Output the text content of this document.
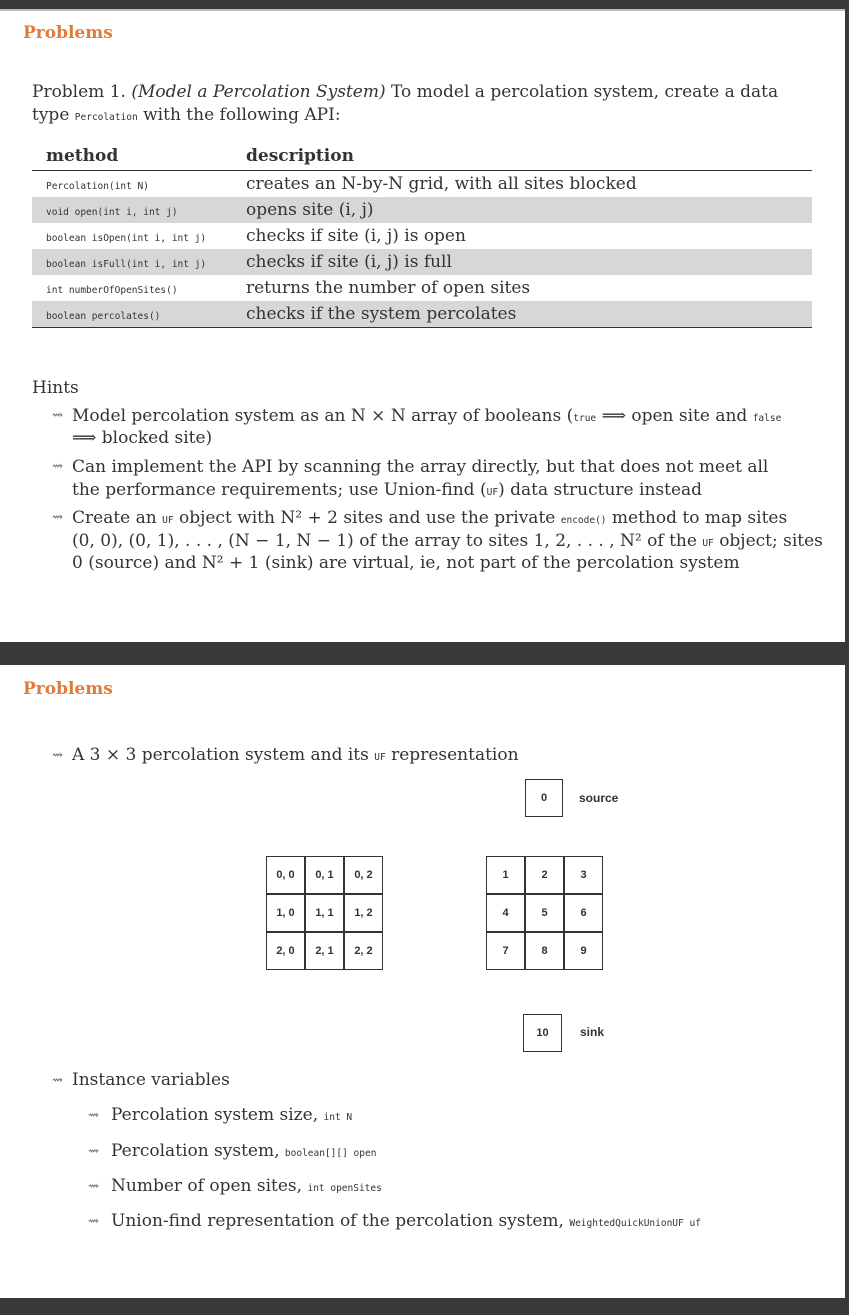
Problems
Problem 1. (Model a Percolation System) To model a percolation system, create a data
type Percolation with the following API:
method	description
Percolation(int N)	creates an N-by-N grid, with all sites blocked
void open(int i, int j)	opens site (i, j)
boolean isOpen(int i, int j)	checks if site (i, j) is open
boolean isFull(int i, int j)	checks if site (i, j) is full
int numberOfOpenSites()	returns the number of open sites
boolean percolates()	checks if the system percolates
Hints
⇝ Model percolation system as an N × N array of booleans (true ⟹ open site and false
⟹ blocked site)
⇝ Can implement the API by scanning the array directly, but that does not meet all
the performance requirements; use Union-find (UF) data structure instead
⇝ Create an UF object with N² + 2 sites and use the private encode() method to map sites
(0, 0), (0, 1), . . . , (N − 1, N − 1) of the array to sites 1, 2, . . . , N² of the UF object; sites
0 (source) and N² + 1 (sink) are virtual, ie, not part of the percolation system
Problems
⇝ A 3 × 3 percolation system and its UF representation
0	source
0, 0	0, 1	0, 2
1, 0	1, 1	1, 2
2, 0	2, 1	2, 2
1	2	3
4	5	6
7	8	9
10	sink
⇝ Instance variables
⇝ Percolation system size, int N
⇝ Percolation system, boolean[][] open
⇝ Number of open sites, int openSites
⇝ Union-find representation of the percolation system, WeightedQuickUnionUF uf
